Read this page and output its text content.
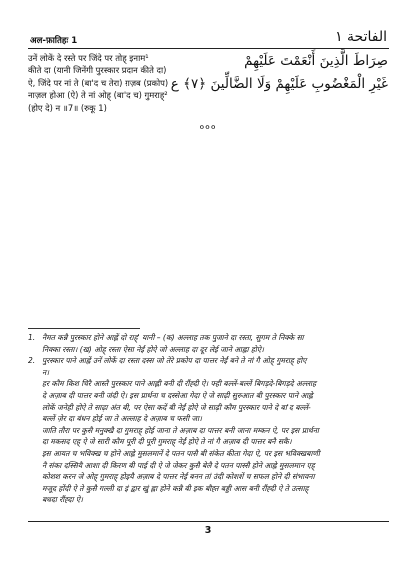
अल-फ़ातिहः 1	الفاتحة ١
उनें लोकें दे रस्ते पर जिंदे पर तोह् इनाम¹
कीते दा (यानी जिनेंगी पुरस्कार प्रदान कीते दा)
ऐ, जिंदे पर नां ते (बा'द च तेरा) ग़ज़ब (प्रकोप)
नाज़ल होआ (ऐ) ते नां ओह् (बा'द च) गुमराह्²
(होए दे) न ॥7॥ (रुकू 1)
صِرَاطَ الَّذِينَ أَنْعَمْتَ عَلَيْهِمْ
غَيْرِ الْمَغْضُوبِ عَلَيْهِمْ وَلَا الضَّالِّينَ ﴿٧﴾ ع
०००
1. नैमत कन्नै पुरस्कार होने आह्लें दो राह्' यानी – (क) अल्लाह तक पुजाने दा रस्ता, सुगम ते निक्के सा
निक्का रस्ता। (ख) ओह् रस्ता ऐसा नेईं होऐ जो अल्लाह दा दूर लेई जाने आह्ला होऐ।
2. पुरस्कार पाने आह्लें उनें लोकें दा रस्ता दस्स जो तेरे प्रकोप दा पात्तर नेईं बने ते नां गै ओह् गुमराह् होए
न।
हर कौम किश चिरै आस्तै पुरस्कार पाने आह्ली बनी दी रौंह्दी ऐ। फ्ही बल्लें-बल्लें बिगड़दे-बिगड़दे अल्लाह
दे अज़ाब दी पात्तर बनी जंदी ऐ। इस प्रार्थना च दस्सेआ गेदा ऐ जे साढ़ी सुरुआत बी पुरस्कार पाने आह्ले
लोकें जनेही होऐ ते साढ़ा अंत बी, पर ऐसा कदें बी नेईं होऐ जे साढ़ी कौम पुरस्कार पाने दे बा'द बल्लें-
बल्लें ज़ेर दा बंधन होई जा ते अल्लाह दे अज़ाब च फसी जा।
जाति तौरा पर कुसै मनुक्खै दा गुमराह् होई जाना ते अज़ाब दा पात्तर बनी जाना मम्कन ऐ, पर इस प्रार्थना
दा मकसद एह् ऐ जे सारी कौम पूरी दी पूरी गुमराह् नेईं होऐ ते नां गै अज़ाब दी पात्तर बनै सकै।
इस आयत च भविक्ख च होने आह्ले मुसलमानें दे पतन पासै बी संकेत कीता गेदा ऐ, पर इस भविक्खबाणी
नै संका दस्सियै आशा दी किरण बी पाई दी ऐ जे जेकर कुसै बेलै दे पतन पास्सै होने आह्ले मुसलमान एह्
कोशश करन जे ओह् गुमराह् होइयै अज़ाब दे पात्तर नेईं बनन तां उंदी कोशशें च सफल होने दी संभावना
मजूद होंदी ऐ ते कुसै गल्ली दा इं द्वार खुं ह्ला होने कन्नै बी इक बौह्त बड्डी आस बनी रौंह्दी ऐ ते उत्साह्
बधदा रौंह्दा ऐ।
3
